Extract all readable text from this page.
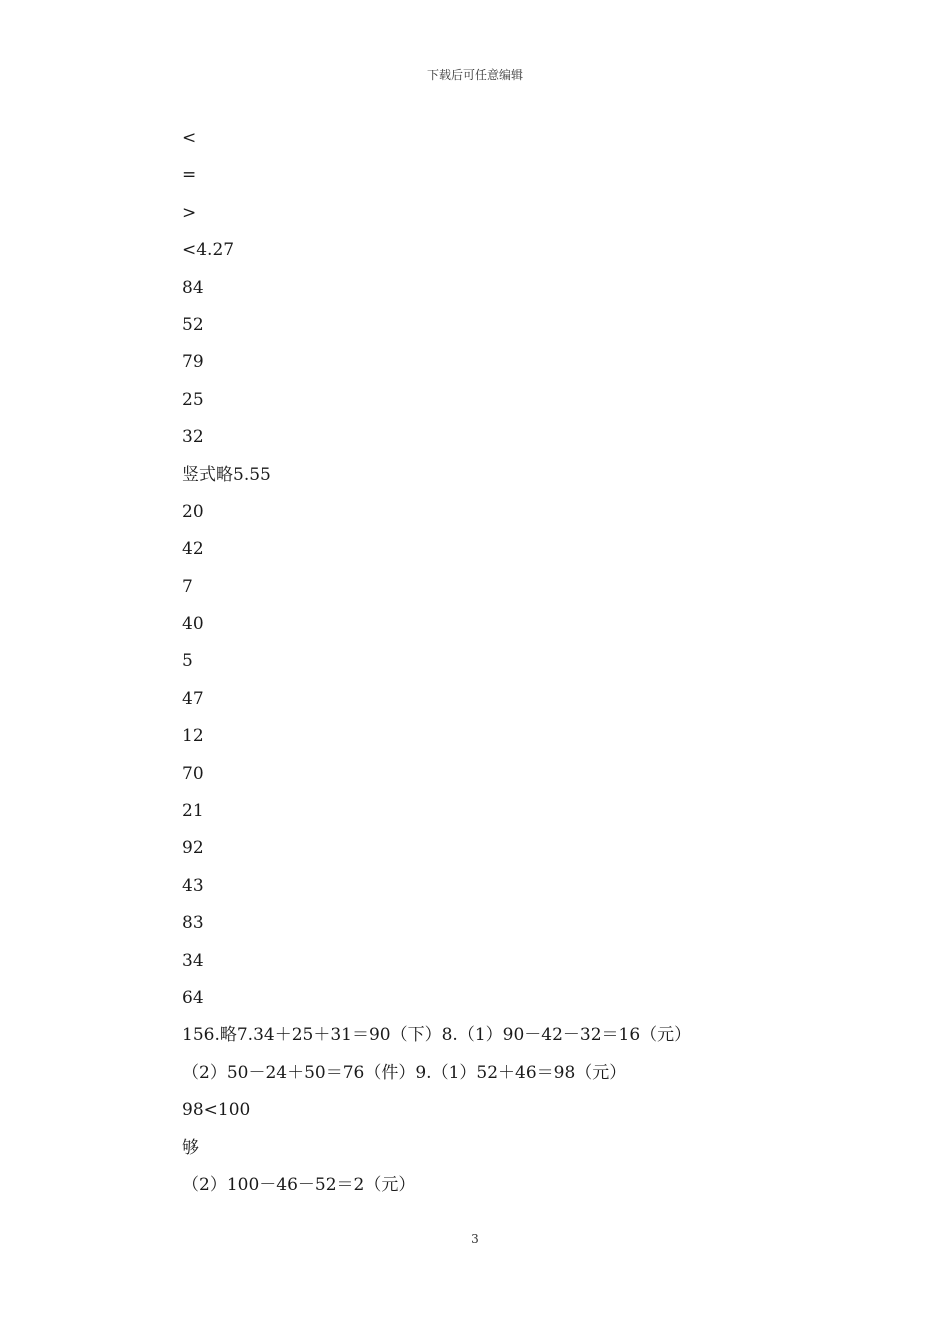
下载后可任意编辑
<
=
>
<4.27
84
52
79
25
32
竖式略5.55
20
42
7
40
5
47
12
70
21
92
43
83
34
64
156.略7.34＋25＋31＝90（下）8.（1）90－42－32＝16（元）
（2）50－24＋50＝76（件）9.（1）52＋46＝98（元）
98<100
够
（2）100－46－52＝2（元）
3
